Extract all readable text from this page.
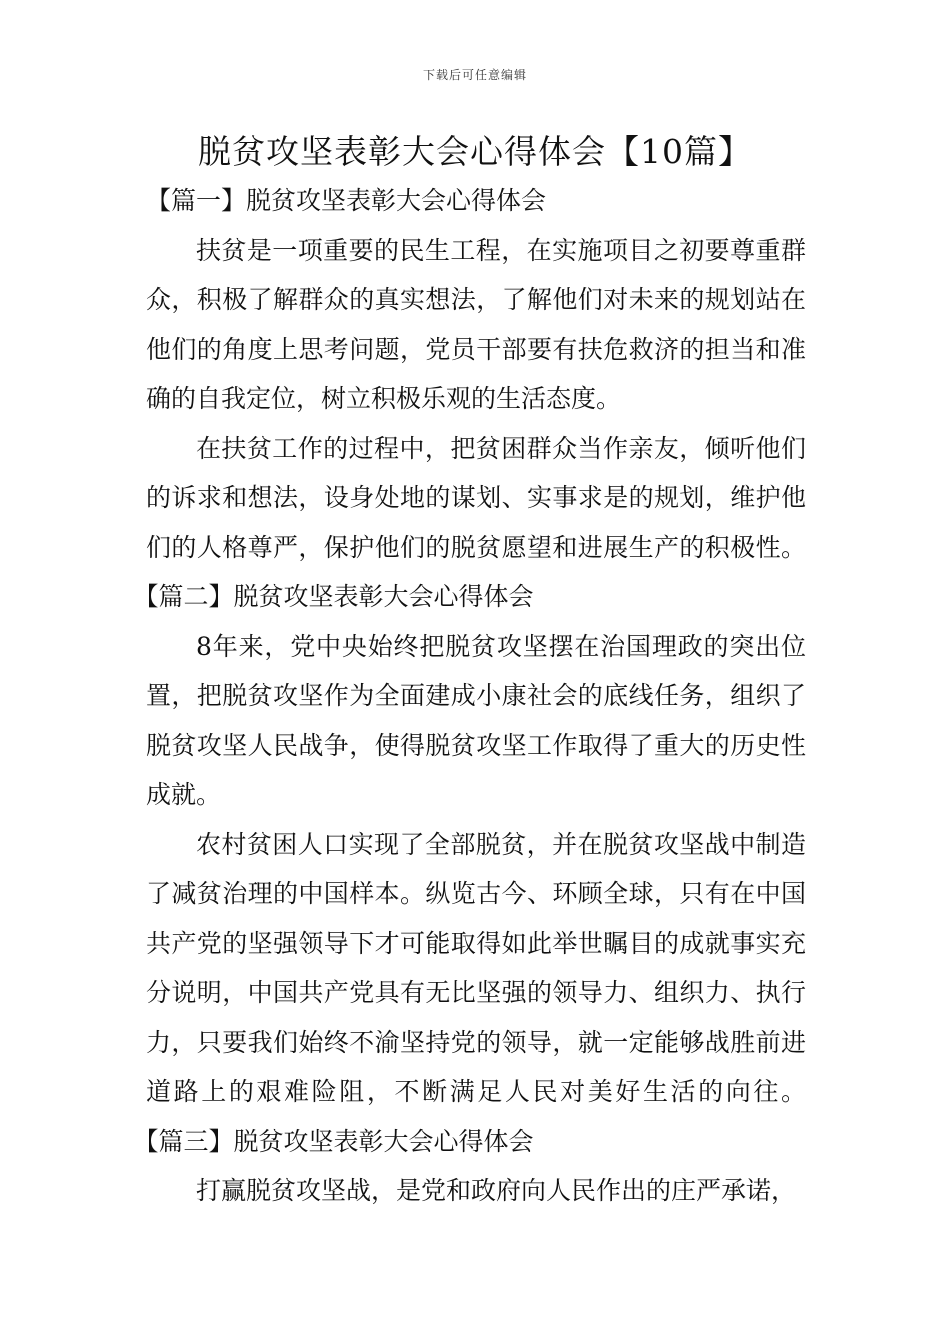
下载后可任意编辑
脱贫攻坚表彰大会心得体会【10篇】

【篇一】脱贫攻坚表彰大会心得体会

扶贫是一项重要的民生工程，在实施项目之初要尊重群众，积极了解群众的真实想法，了解他们对未来的规划站在他们的角度上思考问题，党员干部要有扶危救济的担当和准确的自我定位，树立积极乐观的生活态度。

在扶贫工作的过程中，把贫困群众当作亲友，倾听他们的诉求和想法，设身处地的谋划、实事求是的规划，维护他们的人格尊严，保护他们的脱贫愿望和进展生产的积极性。【篇二】脱贫攻坚表彰大会心得体会

8年来，党中央始终把脱贫攻坚摆在治国理政的突出位置，把脱贫攻坚作为全面建成小康社会的底线任务，组织了脱贫攻坚人民战争，使得脱贫攻坚工作取得了重大的历史性成就。

农村贫困人口实现了全部脱贫，并在脱贫攻坚战中制造了减贫治理的中国样本。纵览古今、环顾全球，只有在中国共产党的坚强领导下才可能取得如此举世瞩目的成就事实充分说明，中国共产党具有无比坚强的领导力、组织力、执行力，只要我们始终不渝坚持党的领导，就一定能够战胜前进道路上的艰难险阻，不断满足人民对美好生活的向往。【篇三】脱贫攻坚表彰大会心得体会

打赢脱贫攻坚战，是党和政府向人民作出的庄严承诺，
